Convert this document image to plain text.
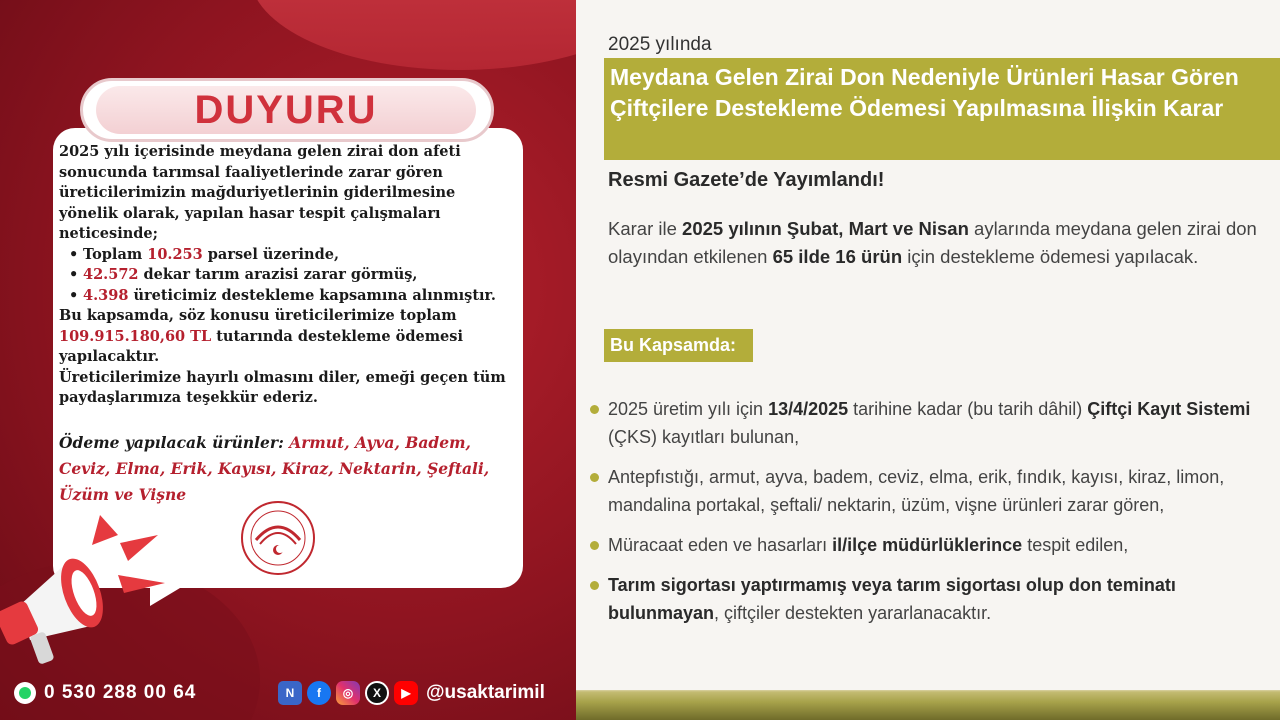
DUYURU

2025 yılı içerisinde meydana gelen zirai don afeti sonucunda tarımsal faaliyetlerinde zarar gören üreticilerimizin mağduriyetlerinin giderilmesine yönelik olarak, yapılan hasar tespit çalışmaları neticesinde;

• Toplam 10.253 parsel üzerinde,
• 42.572 dekar tarım arazisi zarar görmüş,
• 4.398 üreticimiz destekleme kapsamına alınmıştır.

Bu kapsamda, söz konusu üreticilerimize toplam
109.915.180,60 TL tutarında destekleme ödemesi yapılacaktır.

Üreticilerimize hayırlı olmasını diler, emeği geçen tüm paydaşlarımıza teşekkür ederiz.

Ödeme yapılacak ürünler: Armut, Ayva, Badem, Ceviz, Elma, Erik, Kayısı, Kiraz, Nektarin, Şeftali, Üzüm ve Vişne

0 530 288 00 64	N	f	◎	X	▶ @usaktarimil
2025 yılında
Meydana Gelen Zirai Don Nedeniyle Ürünleri Hasar Gören Çiftçilere Destekleme Ödemesi Yapılmasına İlişkin Karar
Resmi Gazete’de Yayımlandı!

Karar ile 2025 yılının Şubat, Mart ve Nisan aylarında meydana gelen zirai don olayından etkilenen 65 ilde 16 ürün için destekleme ödemesi yapılacak.

Bu Kapsamda:
2025 üretim yılı için 13/4/2025 tarihine kadar (bu tarih dâhil) Çiftçi Kayıt Sistemi (ÇKS) kayıtları bulunan,
Antepfıstığı, armut, ayva, badem, ceviz, elma, erik, fındık, kayısı, kiraz, limon, mandalina portakal, şeftali/ nektarin, üzüm, vişne ürünleri zarar gören,
Müracaat eden ve hasarları il/ilçe müdürlüklerince tespit edilen,
Tarım sigortası yaptırmamış veya tarım sigortası olup don teminatı bulunmayan, çiftçiler destekten yararlanacaktır.
